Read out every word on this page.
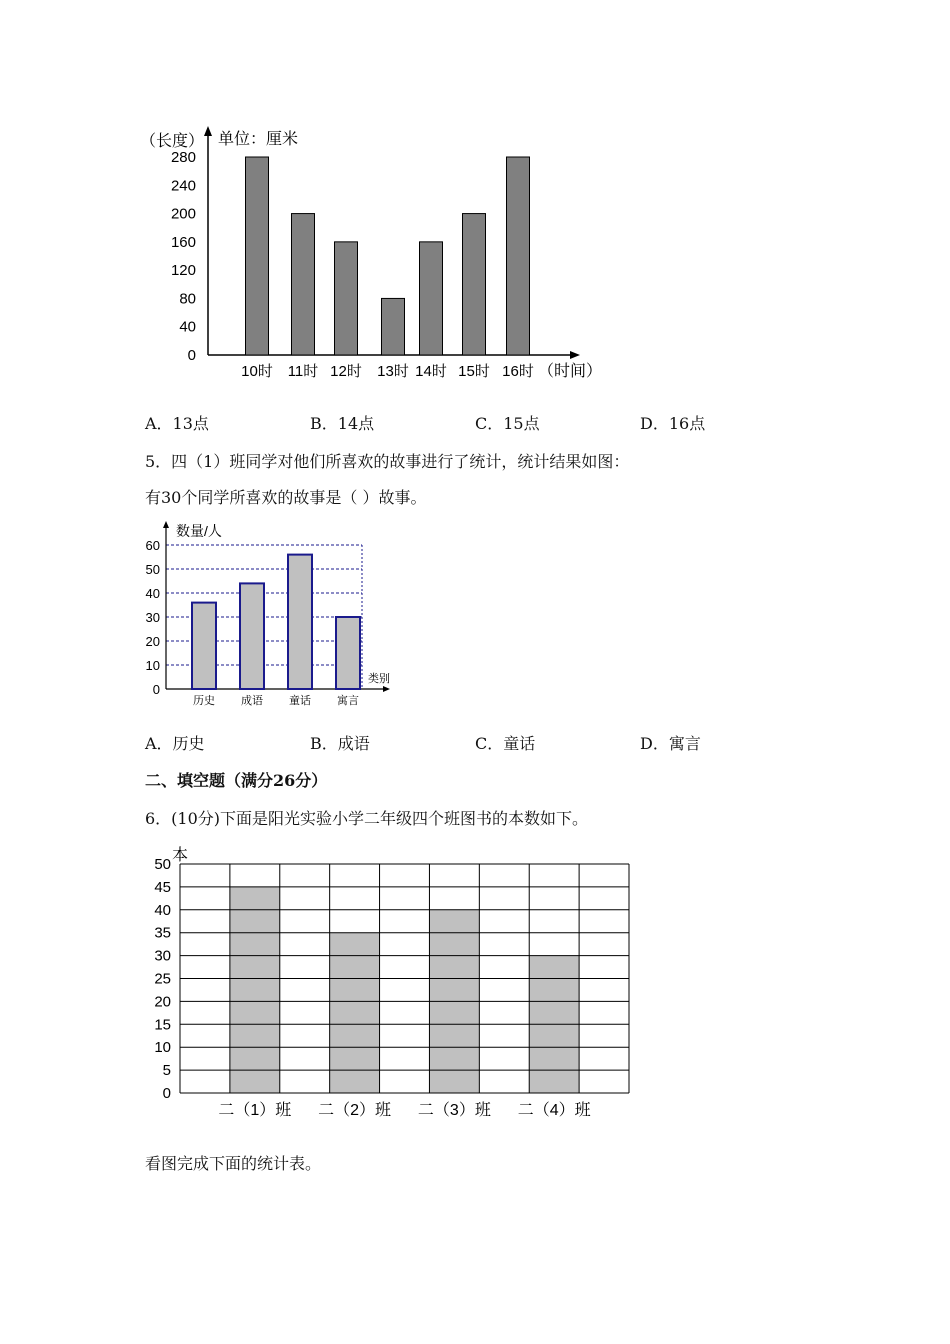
（长度） 单位：厘米
（时间）
0
40
80
120
160
200
240
280
10时 11时 12时 13时 14时 15时 16时
A．13点	B．14点	C．15点	D．16点
5．四（1）班同学对他们所喜欢的故事进行了统计，统计结果如图：
有30个同学所喜欢的故事是（ ）故事。
数量/人
类别
0
10
20
30
40
50
60
历史 成语 童话 寓言
A．历史	B．成语	C．童话	D．寓言
二、填空题（满分26分）
6．(10分)下面是阳光实验小学二年级四个班图书的本数如下。
本
0
5
10
15
20
25
30
35
40
45
50
二（1）班 二（2）班 二（3）班 二（4）班
看图完成下面的统计表。
